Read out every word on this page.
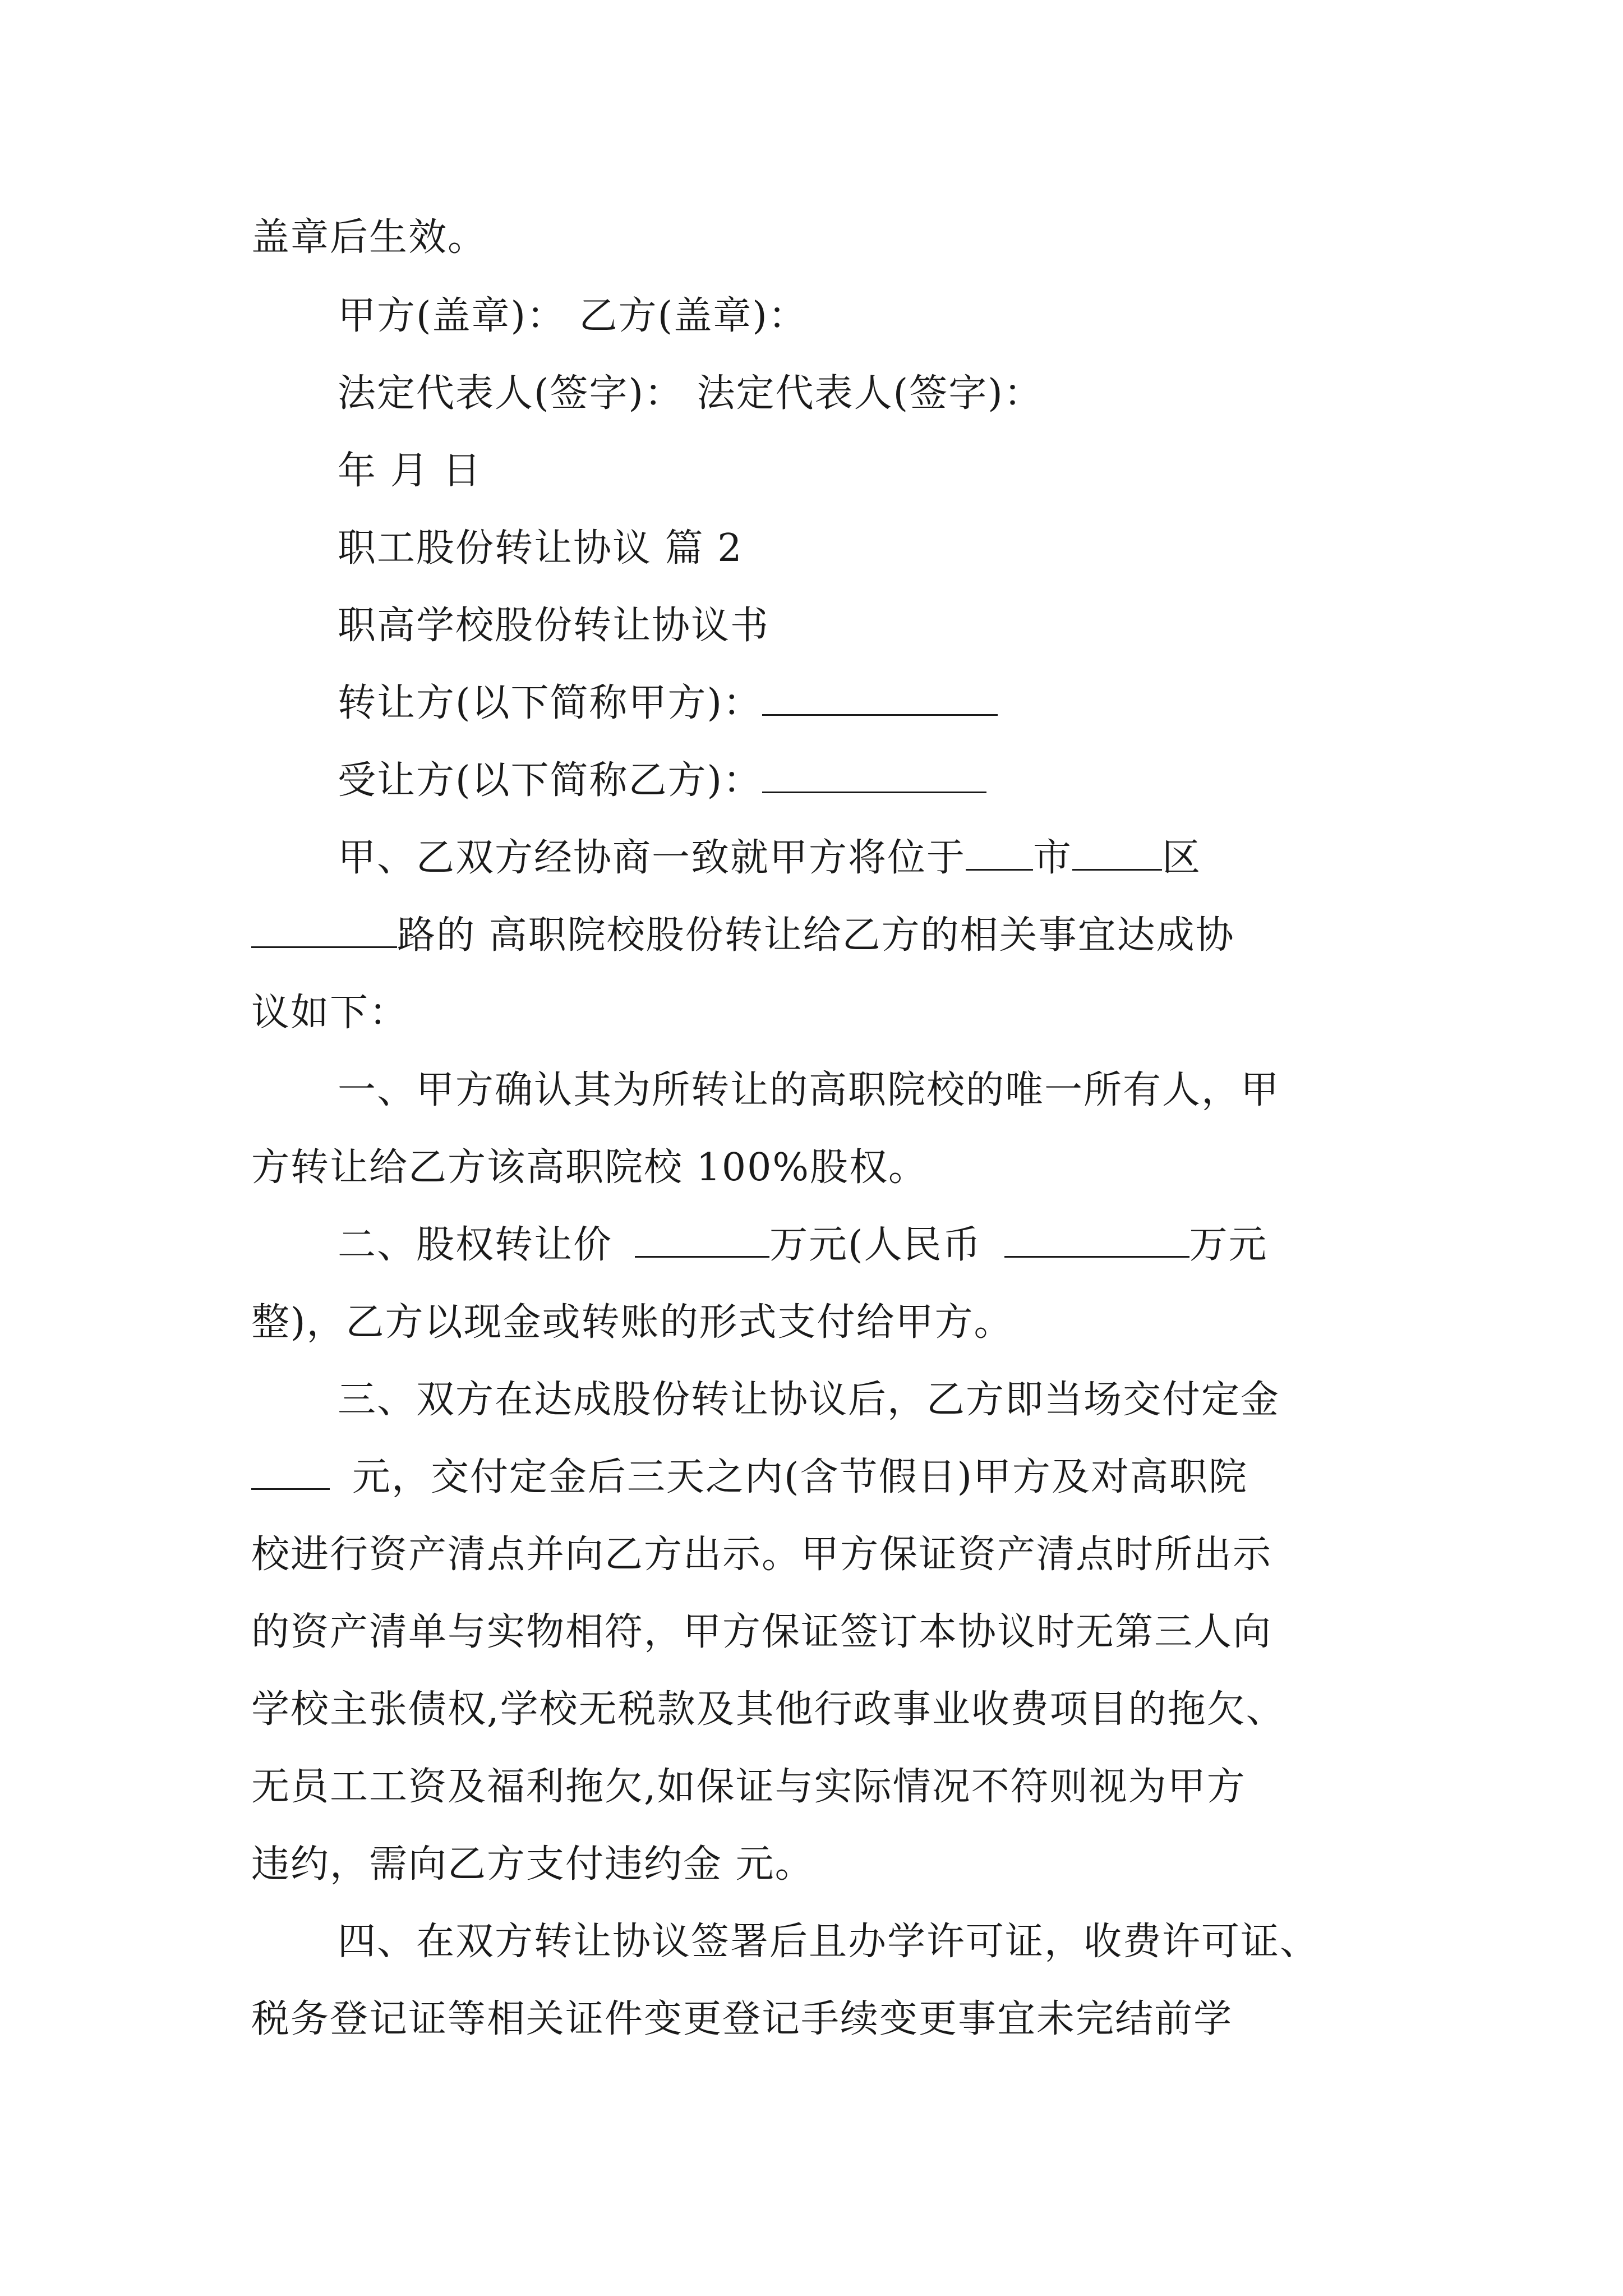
盖章后生效。
甲方(盖章)： 乙方(盖章)：
法定代表人(签字)： 法定代表人(签字)：
年 月 日
职工股份转让协议 篇 2
职高学校股份转让协议书
转让方(以下简称甲方)：
受让方(以下简称乙方)：
甲、乙双方经协商一致就甲方将位于 市 区
路的 高职院校股份转让给乙方的相关事宜达成协
议如下：
一、甲方确认其为所转让的高职院校的唯一所有人，甲
方转让给乙方该高职院校 100%股权。
二、股权转让价	万元(人民币	万元
整)，乙方以现金或转账的形式支付给甲方。
三、双方在达成股份转让协议后，乙方即当场交付定金
元，交付定金后三天之内(含节假日)甲方及对高职院
校进行资产清点并向乙方出示。甲方保证资产清点时所出示
的资产清单与实物相符，甲方保证签订本协议时无第三人向
学校主张债权,学校无税款及其他行政事业收费项目的拖欠、
无员工工资及福利拖欠,如保证与实际情况不符则视为甲方
违约，需向乙方支付违约金 元。
四、在双方转让协议签署后且办学许可证，收费许可证、
税务登记证等相关证件变更登记手续变更事宜未完结前学
